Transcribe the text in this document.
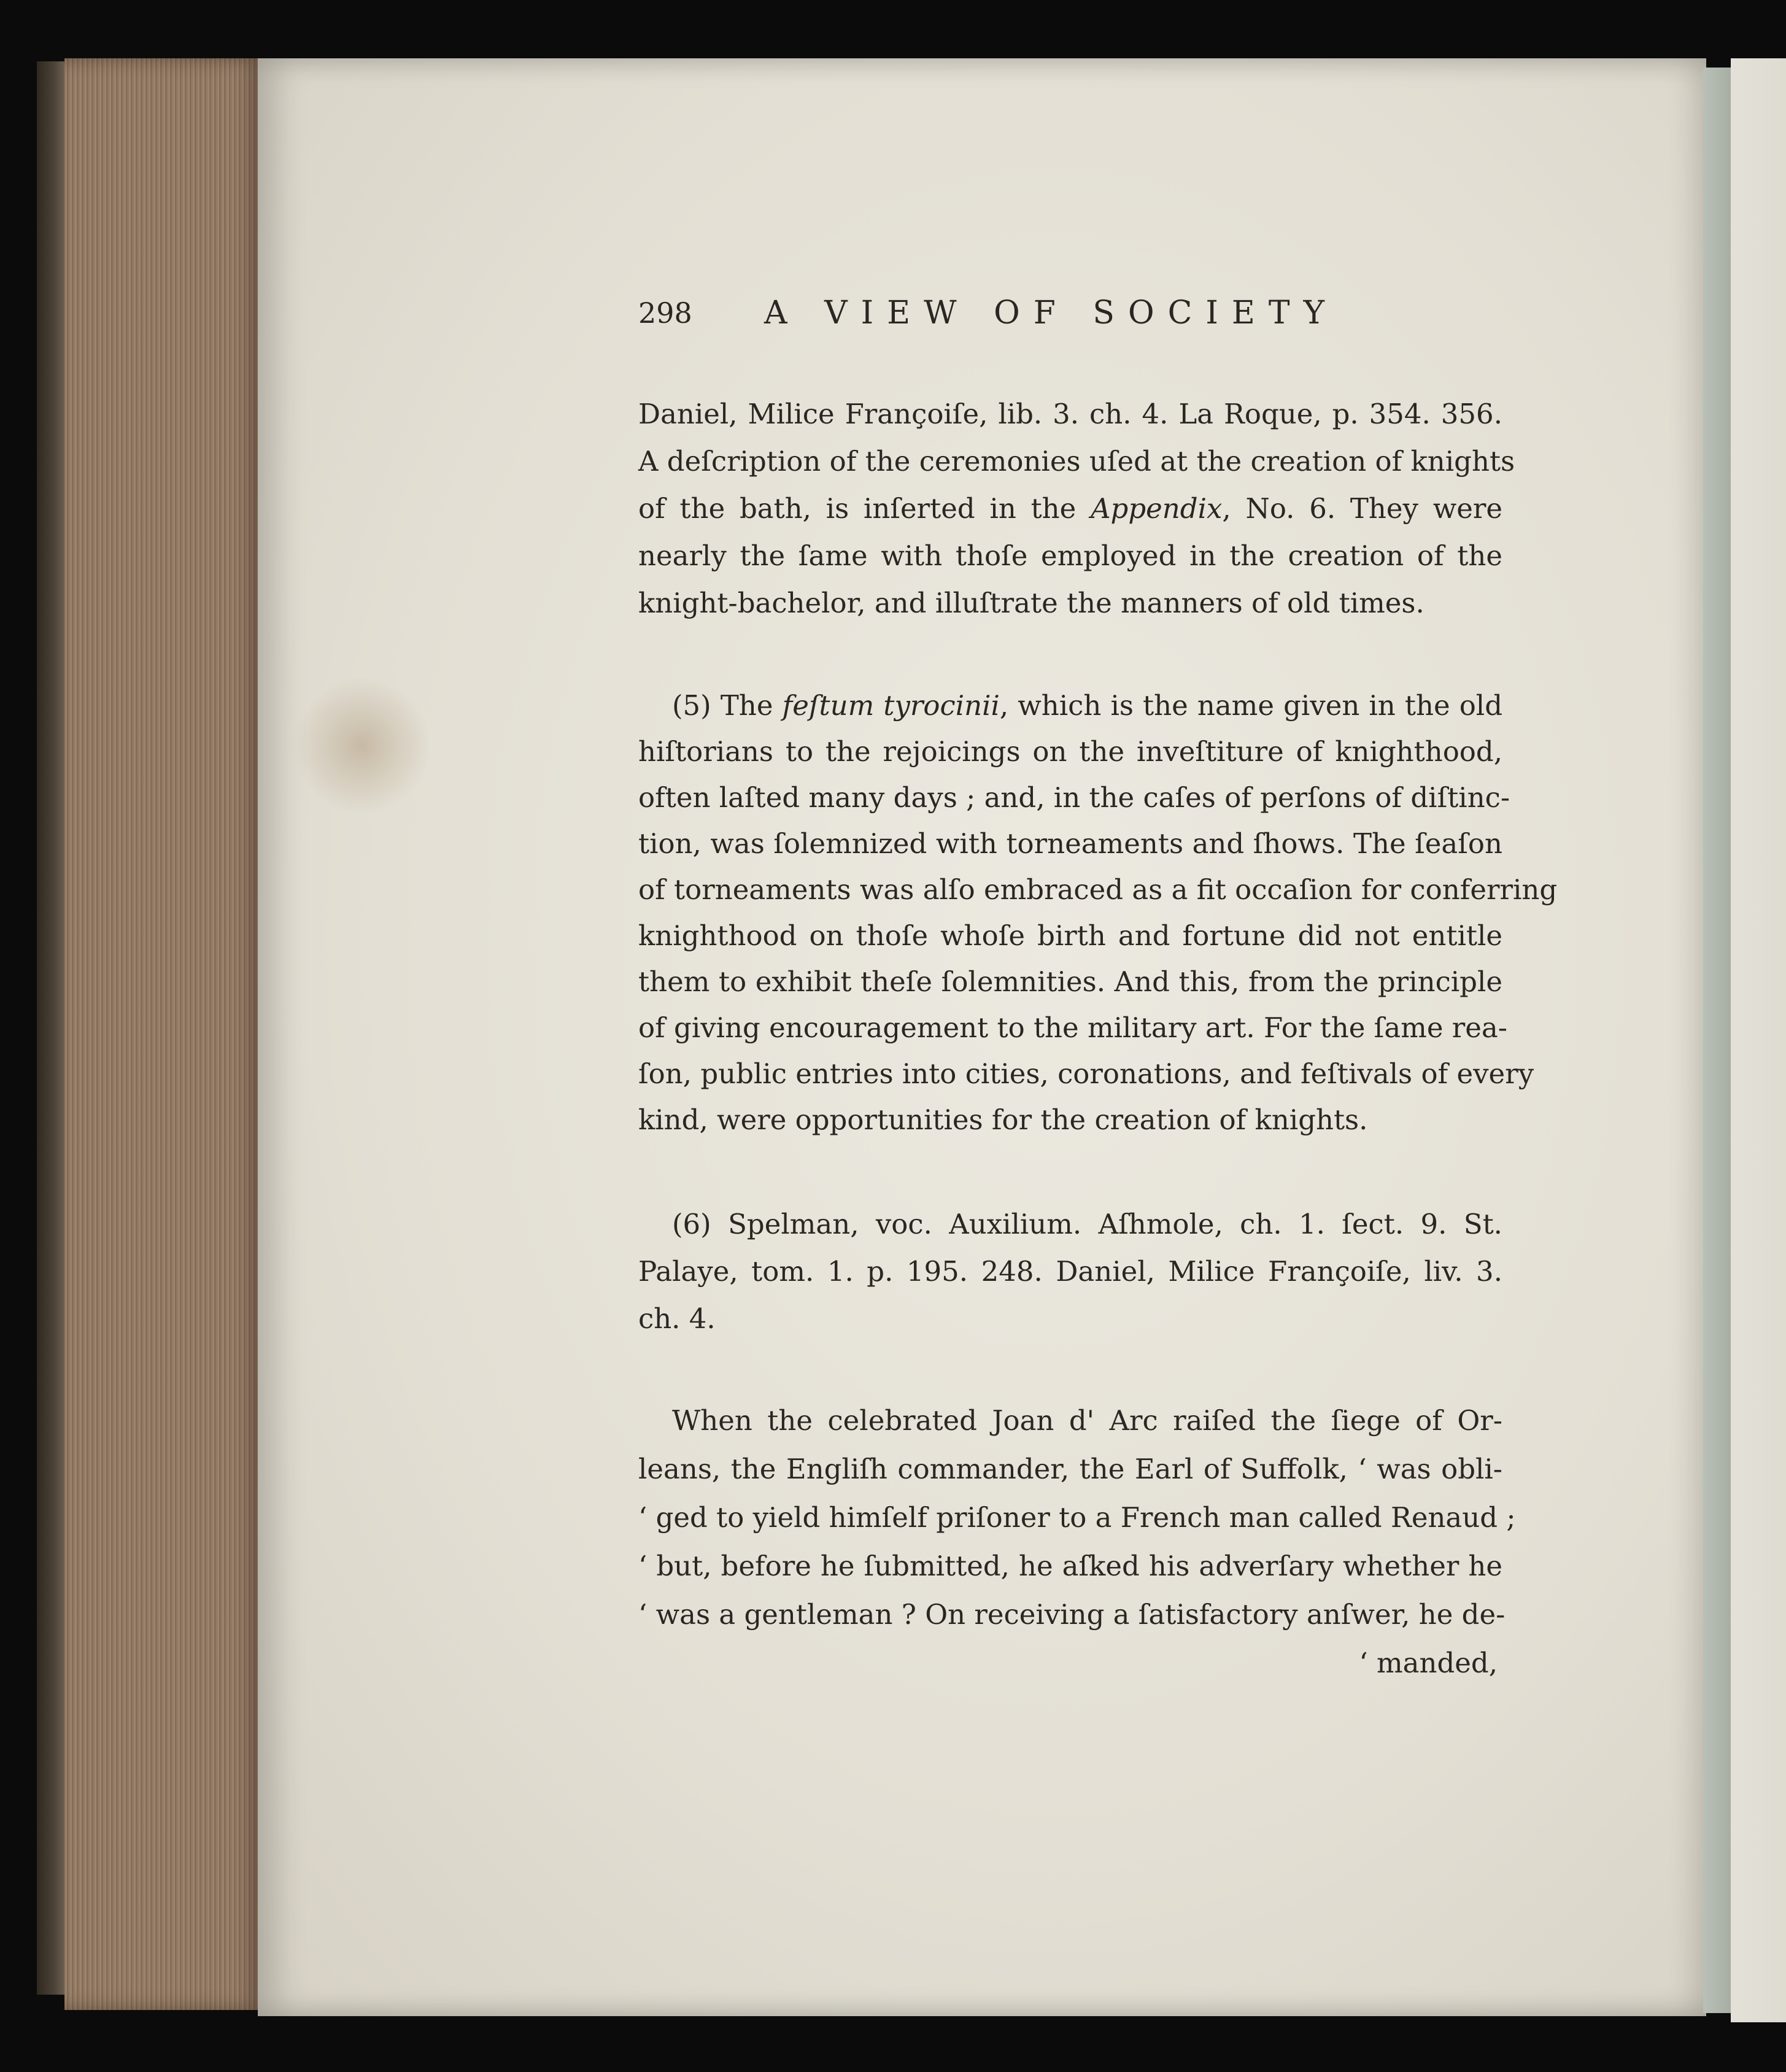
298 A VIEW OF SOCIETY

Daniel, Milice Françoiſe, lib. 3. ch. 4. La Roque, p. 354. 356.

A deſcription of the ceremonies uſed at the creation of knights

of the bath, is inſerted in the Appendix, No. 6. They were

nearly the ſame with thoſe employed in the creation of the

knight-bachelor, and illuſtrate the manners of old times.

(5) The feſtum tyrocinii, which is the name given in the old

hiſtorians to the rejoicings on the inveſtiture of knighthood,

often laſted many days ; and, in the caſes of perſons of diſtinc-

tion, was ſolemnized with torneaments and ſhows. The ſeaſon

of torneaments was alſo embraced as a fit occaſion for conferring

knighthood on thoſe whoſe birth and fortune did not entitle

them to exhibit theſe ſolemnities. And this, from the principle

of giving encouragement to the military art. For the ſame rea-

ſon, public entries into cities, coronations, and feſtivals of every

kind, were opportunities for the creation of knights.

(6) Spelman, voc. Auxilium. Aſhmole, ch. 1. ſect. 9. St.

Palaye, tom. 1. p. 195. 248. Daniel, Milice Françoiſe, liv. 3.

ch. 4.

When the celebrated Joan d' Arc raiſed the ſiege of Or-

leans, the Engliſh commander, the Earl of Suffolk, ‘ was obli-

‘ ged to yield himſelf priſoner to a French man called Renaud ;

‘ but, before he ſubmitted, he aſked his adverſary whether he

‘ was a gentleman ? On receiving a ſatisfactory anſwer, he de-

‘ manded,
